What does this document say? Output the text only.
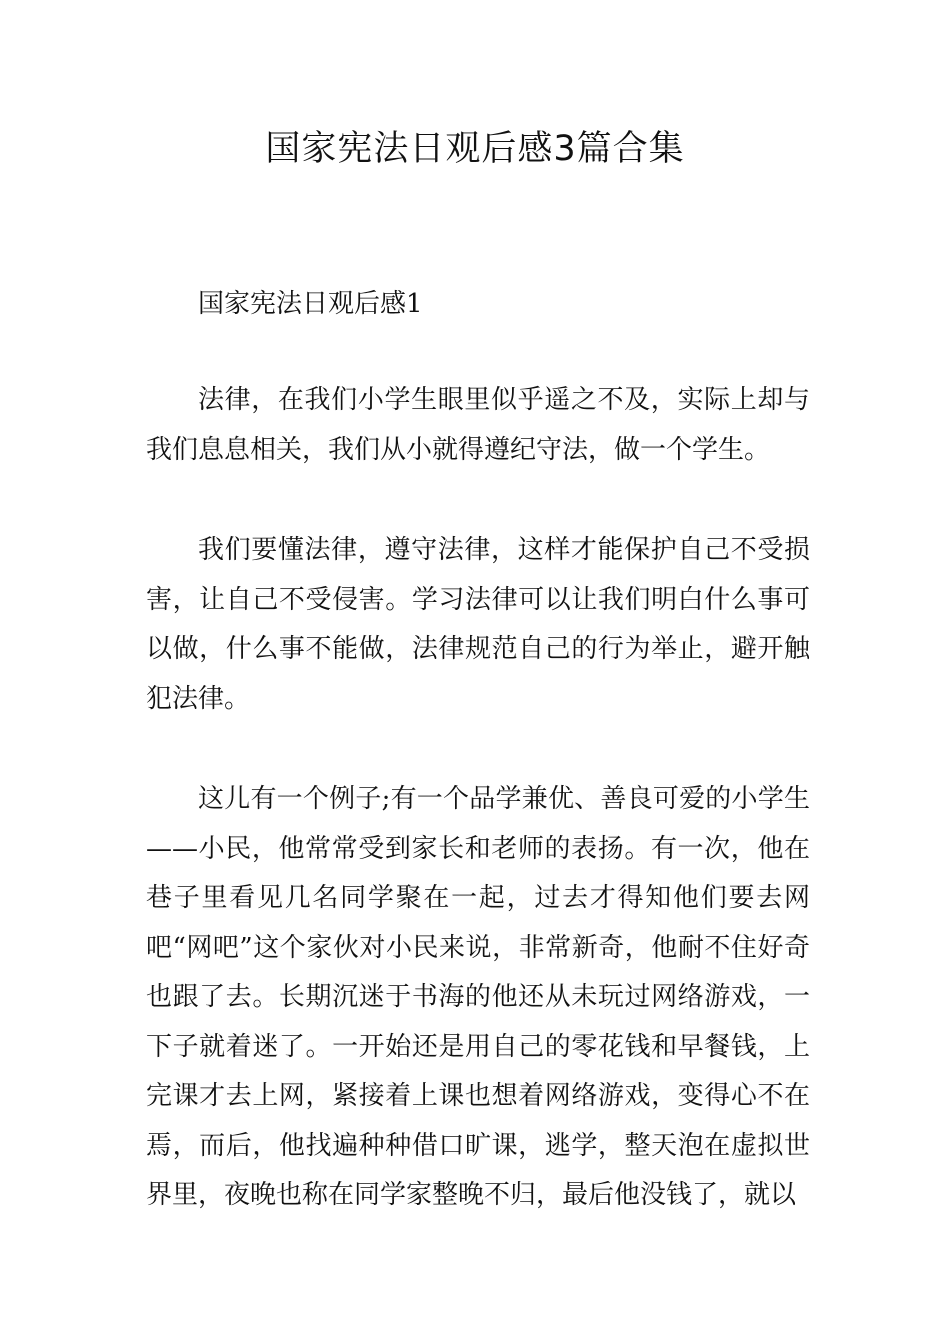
国家宪法日观后感3篇合集

国家宪法日观后感1

法律，在我们小学生眼里似乎遥之不及，实际上却与我们息息相关，我们从小就得遵纪守法，做一个学生。

我们要懂法律，遵守法律，这样才能保护自己不受损害，让自己不受侵害。学习法律可以让我们明白什么事可以做，什么事不能做，法律规范自己的行为举止，避开触犯法律。

这儿有一个例子;有一个品学兼优、善良可爱的小学生——小民，他常常受到家长和老师的表扬。有一次，他在巷子里看见几名同学聚在一起，过去才得知他们要去网吧“网吧”这个家伙对小民来说，非常新奇，他耐不住好奇也跟了去。长期沉迷于书海的他还从未玩过网络游戏，一下子就着迷了。一开始还是用自己的零花钱和早餐钱，上完课才去上网，紧接着上课也想着网络游戏，变得心不在焉，而后，他找遍种种借口旷课，逃学，整天泡在虚拟世界里，夜晚也称在同学家整晚不归，最后他没钱了，就以
